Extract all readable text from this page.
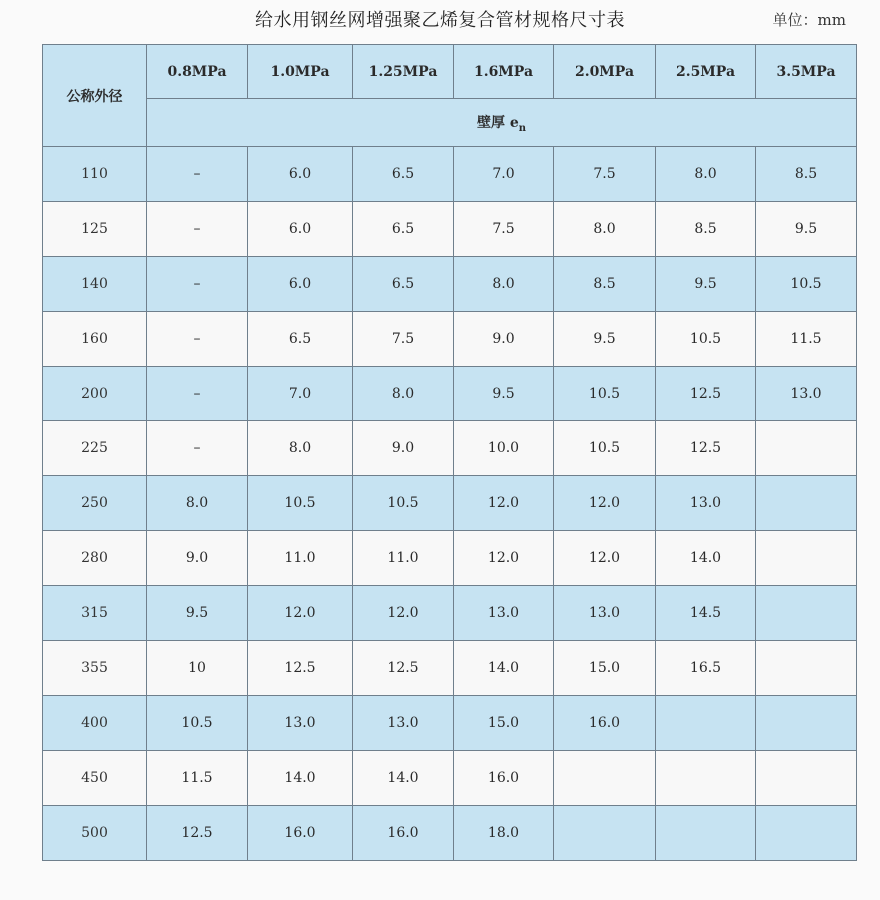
给水用钢丝网增强聚乙烯复合管材规格尺寸表	单位：mm
公称外径	0.8MPa	1.0MPa	1.25MPa	1.6MPa	2.0MPa	2.5MPa	3.5MPa
	壁厚 $e_n$
110	–	6.0	6.5	7.0	7.5	8.0	8.5
125	–	6.0	6.5	7.5	8.0	8.5	9.5
140	–	6.0	6.5	8.0	8.5	9.5	10.5
160	–	6.5	7.5	9.0	9.5	10.5	11.5
200	–	7.0	8.0	9.5	10.5	12.5	13.0
225	–	8.0	9.0	10.0	10.5	12.5	
250	8.0	10.5	10.5	12.0	12.0	13.0	
280	9.0	11.0	11.0	12.0	12.0	14.0	
315	9.5	12.0	12.0	13.0	13.0	14.5	
355	10	12.5	12.5	14.0	15.0	16.5	
400	10.5	13.0	13.0	15.0	16.0		
450	11.5	14.0	14.0	16.0			
500	12.5	16.0	16.0	18.0			
